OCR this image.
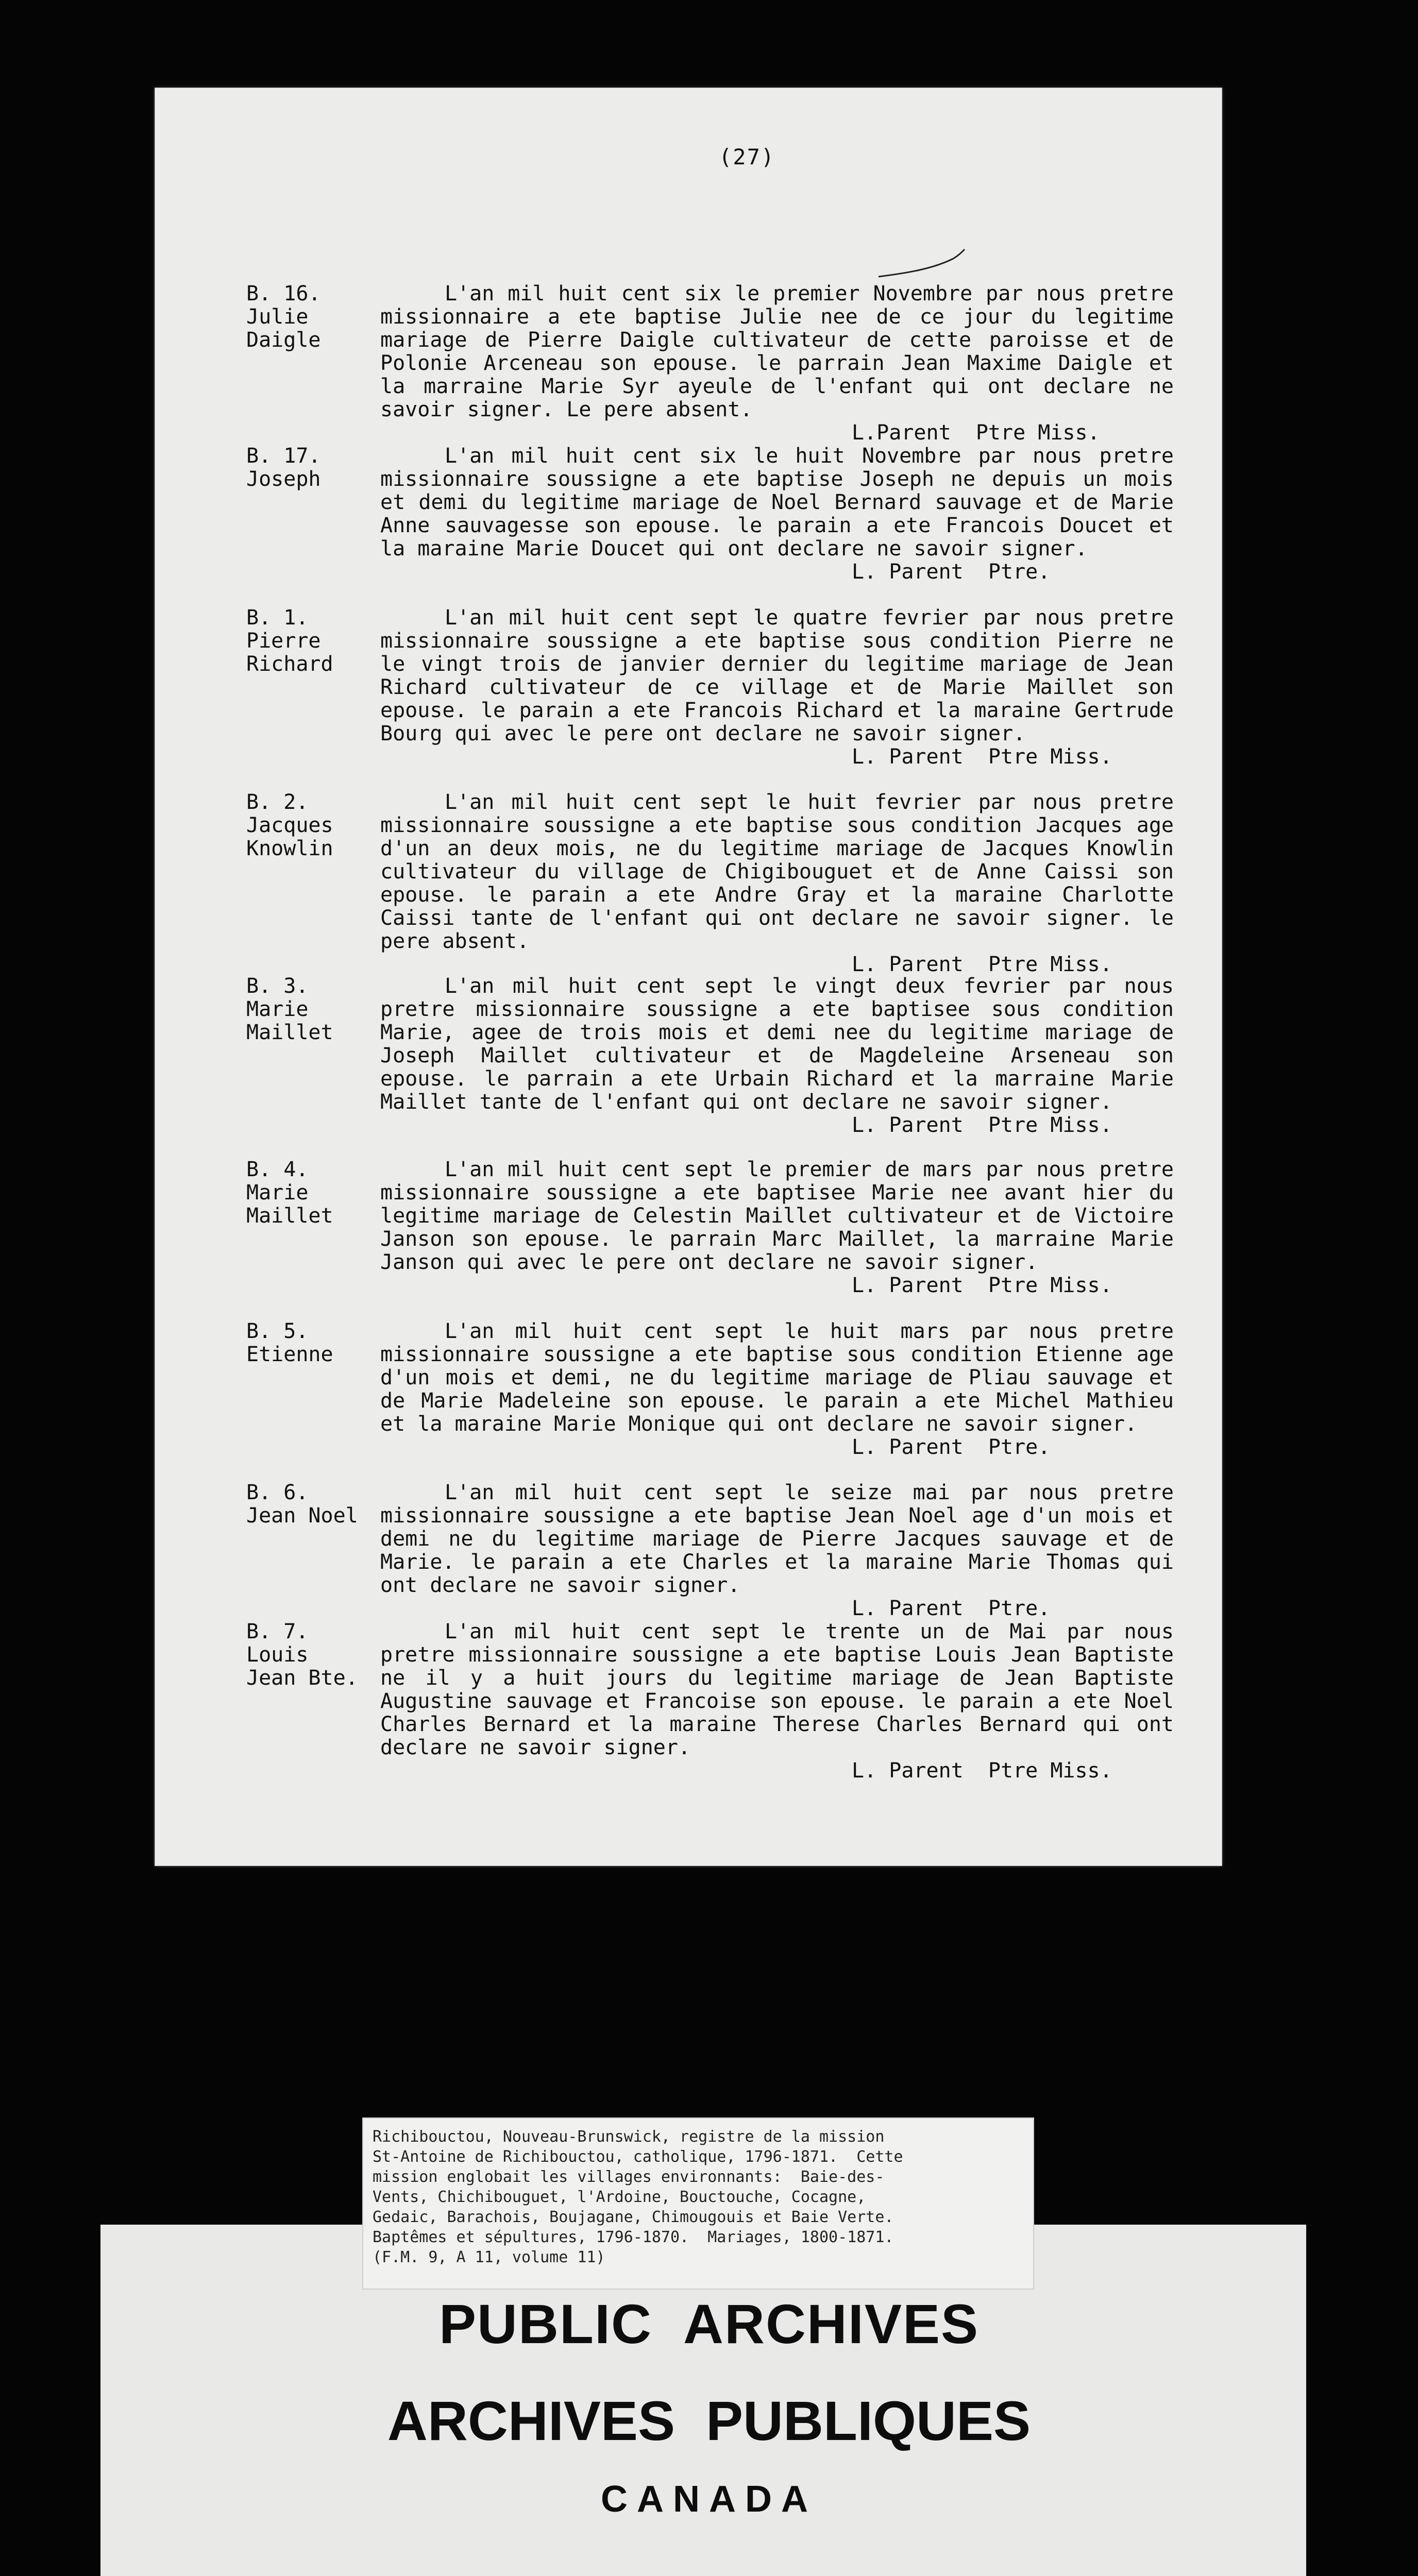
(27)
B. 16.
Julie
Daigle

L'an mil huit cent six le premier Novembre par nous pretre missionnaire a ete baptise Julie nee de ce jour du legitime mariage de Pierre Daigle cultivateur de cette paroisse et de Polonie Arceneau son epouse. le parrain Jean Maxime Daigle et la marraine Marie Syr ayeule de l'enfant qui ont declare ne savoir signer. Le pere absent.

L.Parent  Ptre Miss.

B. 17.
Joseph

L'an mil huit cent six le huit Novembre par nous pretre missionnaire soussigne a ete baptise Joseph ne depuis un mois et demi du legitime mariage de Noel Bernard sauvage et de Marie Anne sauvagesse son epouse. le parain a ete Francois Doucet et la maraine Marie Doucet qui ont declare ne savoir signer.

L. Parent  Ptre.

B. 1.
Pierre
Richard

L'an mil huit cent sept le quatre fevrier par nous pretre missionnaire soussigne a ete baptise sous condition Pierre ne le vingt trois de janvier dernier du legitime mariage de Jean Richard cultivateur de ce village et de Marie Maillet son epouse. le parain a ete Francois Richard et la maraine Gertrude Bourg qui avec le pere ont declare ne savoir signer.

L. Parent  Ptre Miss.

B. 2.
Jacques
Knowlin

L'an mil huit cent sept le huit fevrier par nous pretre missionnaire soussigne a ete baptise sous condition Jacques age d'un an deux mois, ne du legitime mariage de Jacques Knowlin cultivateur du village de Chigibouguet et de Anne Caissi son epouse. le parain a ete Andre Gray et la maraine Charlotte Caissi tante de l'enfant qui ont declare ne savoir signer. le pere absent.

L. Parent  Ptre Miss.

B. 3.
Marie
Maillet

L'an mil huit cent sept le vingt deux fevrier par nous pretre missionnaire soussigne a ete baptisee sous condition Marie, agee de trois mois et demi nee du legitime mariage de Joseph Maillet cultivateur et de Magdeleine Arseneau son epouse. le parrain a ete Urbain Richard et la marraine Marie Maillet tante de l'enfant qui ont declare ne savoir signer.

L. Parent  Ptre Miss.

B. 4.
Marie
Maillet

L'an mil huit cent sept le premier de mars par nous pretre missionnaire soussigne a ete baptisee Marie nee avant hier du legitime mariage de Celestin Maillet cultivateur et de Victoire Janson son epouse. le parrain Marc Maillet, la marraine Marie Janson qui avec le pere ont declare ne savoir signer.

L. Parent  Ptre Miss.

B. 5.
Etienne

L'an mil huit cent sept le huit mars par nous pretre missionnaire soussigne a ete baptise sous condition Etienne age d'un mois et demi, ne du legitime mariage de Pliau sauvage et de Marie Madeleine son epouse. le parain a ete Michel Mathieu et la maraine Marie Monique qui ont declare ne savoir signer.

L. Parent  Ptre.

B. 6.
Jean Noel

L'an mil huit cent sept le seize mai par nous pretre missionnaire soussigne a ete baptise Jean Noel age d'un mois et demi ne du legitime mariage de Pierre Jacques sauvage et de Marie. le parain a ete Charles et la maraine Marie Thomas qui ont declare ne savoir signer.

L. Parent  Ptre.

B. 7.
Louis
Jean Bte.

L'an mil huit cent sept le trente un de Mai par nous pretre missionnaire soussigne a ete baptise Louis Jean Baptiste ne il y a huit jours du legitime mariage de Jean Baptiste Augustine sauvage et Francoise son epouse. le parain a ete Noel Charles Bernard et la maraine Therese Charles Bernard qui ont declare ne savoir signer.

L. Parent  Ptre Miss.

Richibouctou, Nouveau-Brunswick, registre de la mission
St-Antoine de Richibouctou, catholique, 1796-1871.  Cette
mission englobait les villages environnants:  Baie-des-
Vents, Chichibouguet, l'Ardoine, Bouctouche, Cocagne,
Gedaic, Barachois, Boujagane, Chimougouis et Baie Verte.
Baptêmes et sépultures, 1796-1870.  Mariages, 1800-1871.
(F.M. 9, A 11, volume 11)
PUBLIC  ARCHIVES
ARCHIVES  PUBLIQUES
CANADA
